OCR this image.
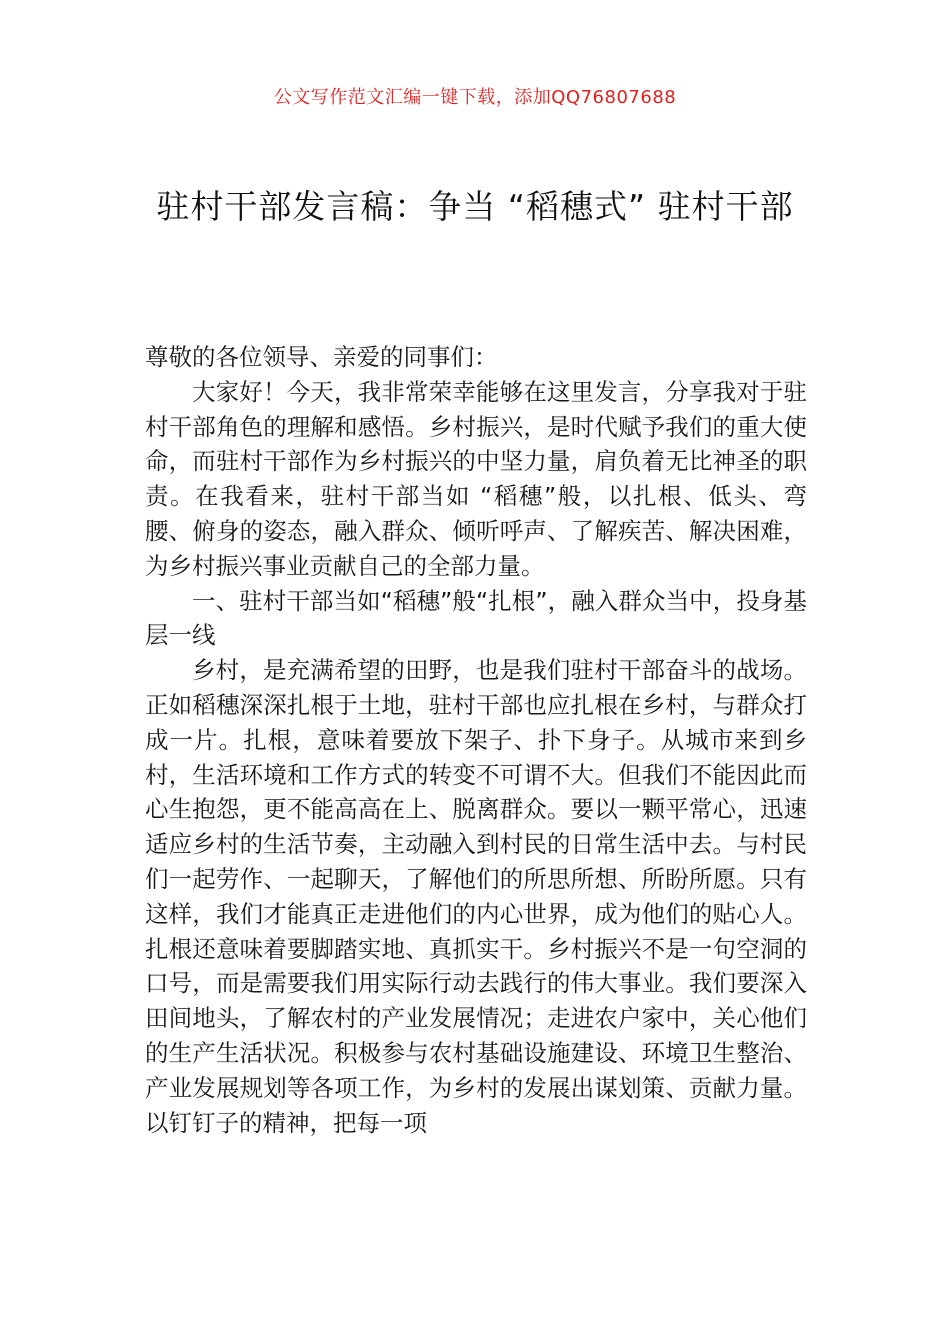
公文写作范文汇编一键下载，添加QQ76807688
驻村干部发言稿：争当 “稻穗式” 驻村干部

尊敬的各位领导、亲爱的同事们：

大家好！今天，我非常荣幸能够在这里发言，分享我对于驻村干部角色的理解和感悟。乡村振兴，是时代赋予我们的重大使命，而驻村干部作为乡村振兴的中坚力量，肩负着无比神圣的职责。在我看来，驻村干部当如 “稻穗”般，以扎根、低头、弯腰、俯身的姿态，融入群众、倾听呼声、了解疾苦、解决困难，为乡村振兴事业贡献自己的全部力量。

一、驻村干部当如“稻穗”般“扎根”，融入群众当中，投身基层一线

乡村，是充满希望的田野，也是我们驻村干部奋斗的战场。正如稻穗深深扎根于土地，驻村干部也应扎根在乡村，与群众打成一片。扎根，意味着要放下架子、扑下身子。从城市来到乡村，生活环境和工作方式的转变不可谓不大。但我们不能因此而心生抱怨，更不能高高在上、脱离群众。要以一颗平常心，迅速适应乡村的生活节奏，主动融入到村民的日常生活中去。与村民们一起劳作、一起聊天，了解他们的所思所想、所盼所愿。只有这样，我们才能真正走进他们的内心世界，成为他们的贴心人。扎根还意味着要脚踏实地、真抓实干。乡村振兴不是一句空洞的口号，而是需要我们用实际行动去践行的伟大事业。我们要深入田间地头，了解农村的产业发展情况；走进农户家中，关心他们的生产生活状况。积极参与农村基础设施建设、环境卫生整治、产业发展规划等各项工作，为乡村的发展出谋划策、贡献力量。以钉钉子的精神，把每一项
